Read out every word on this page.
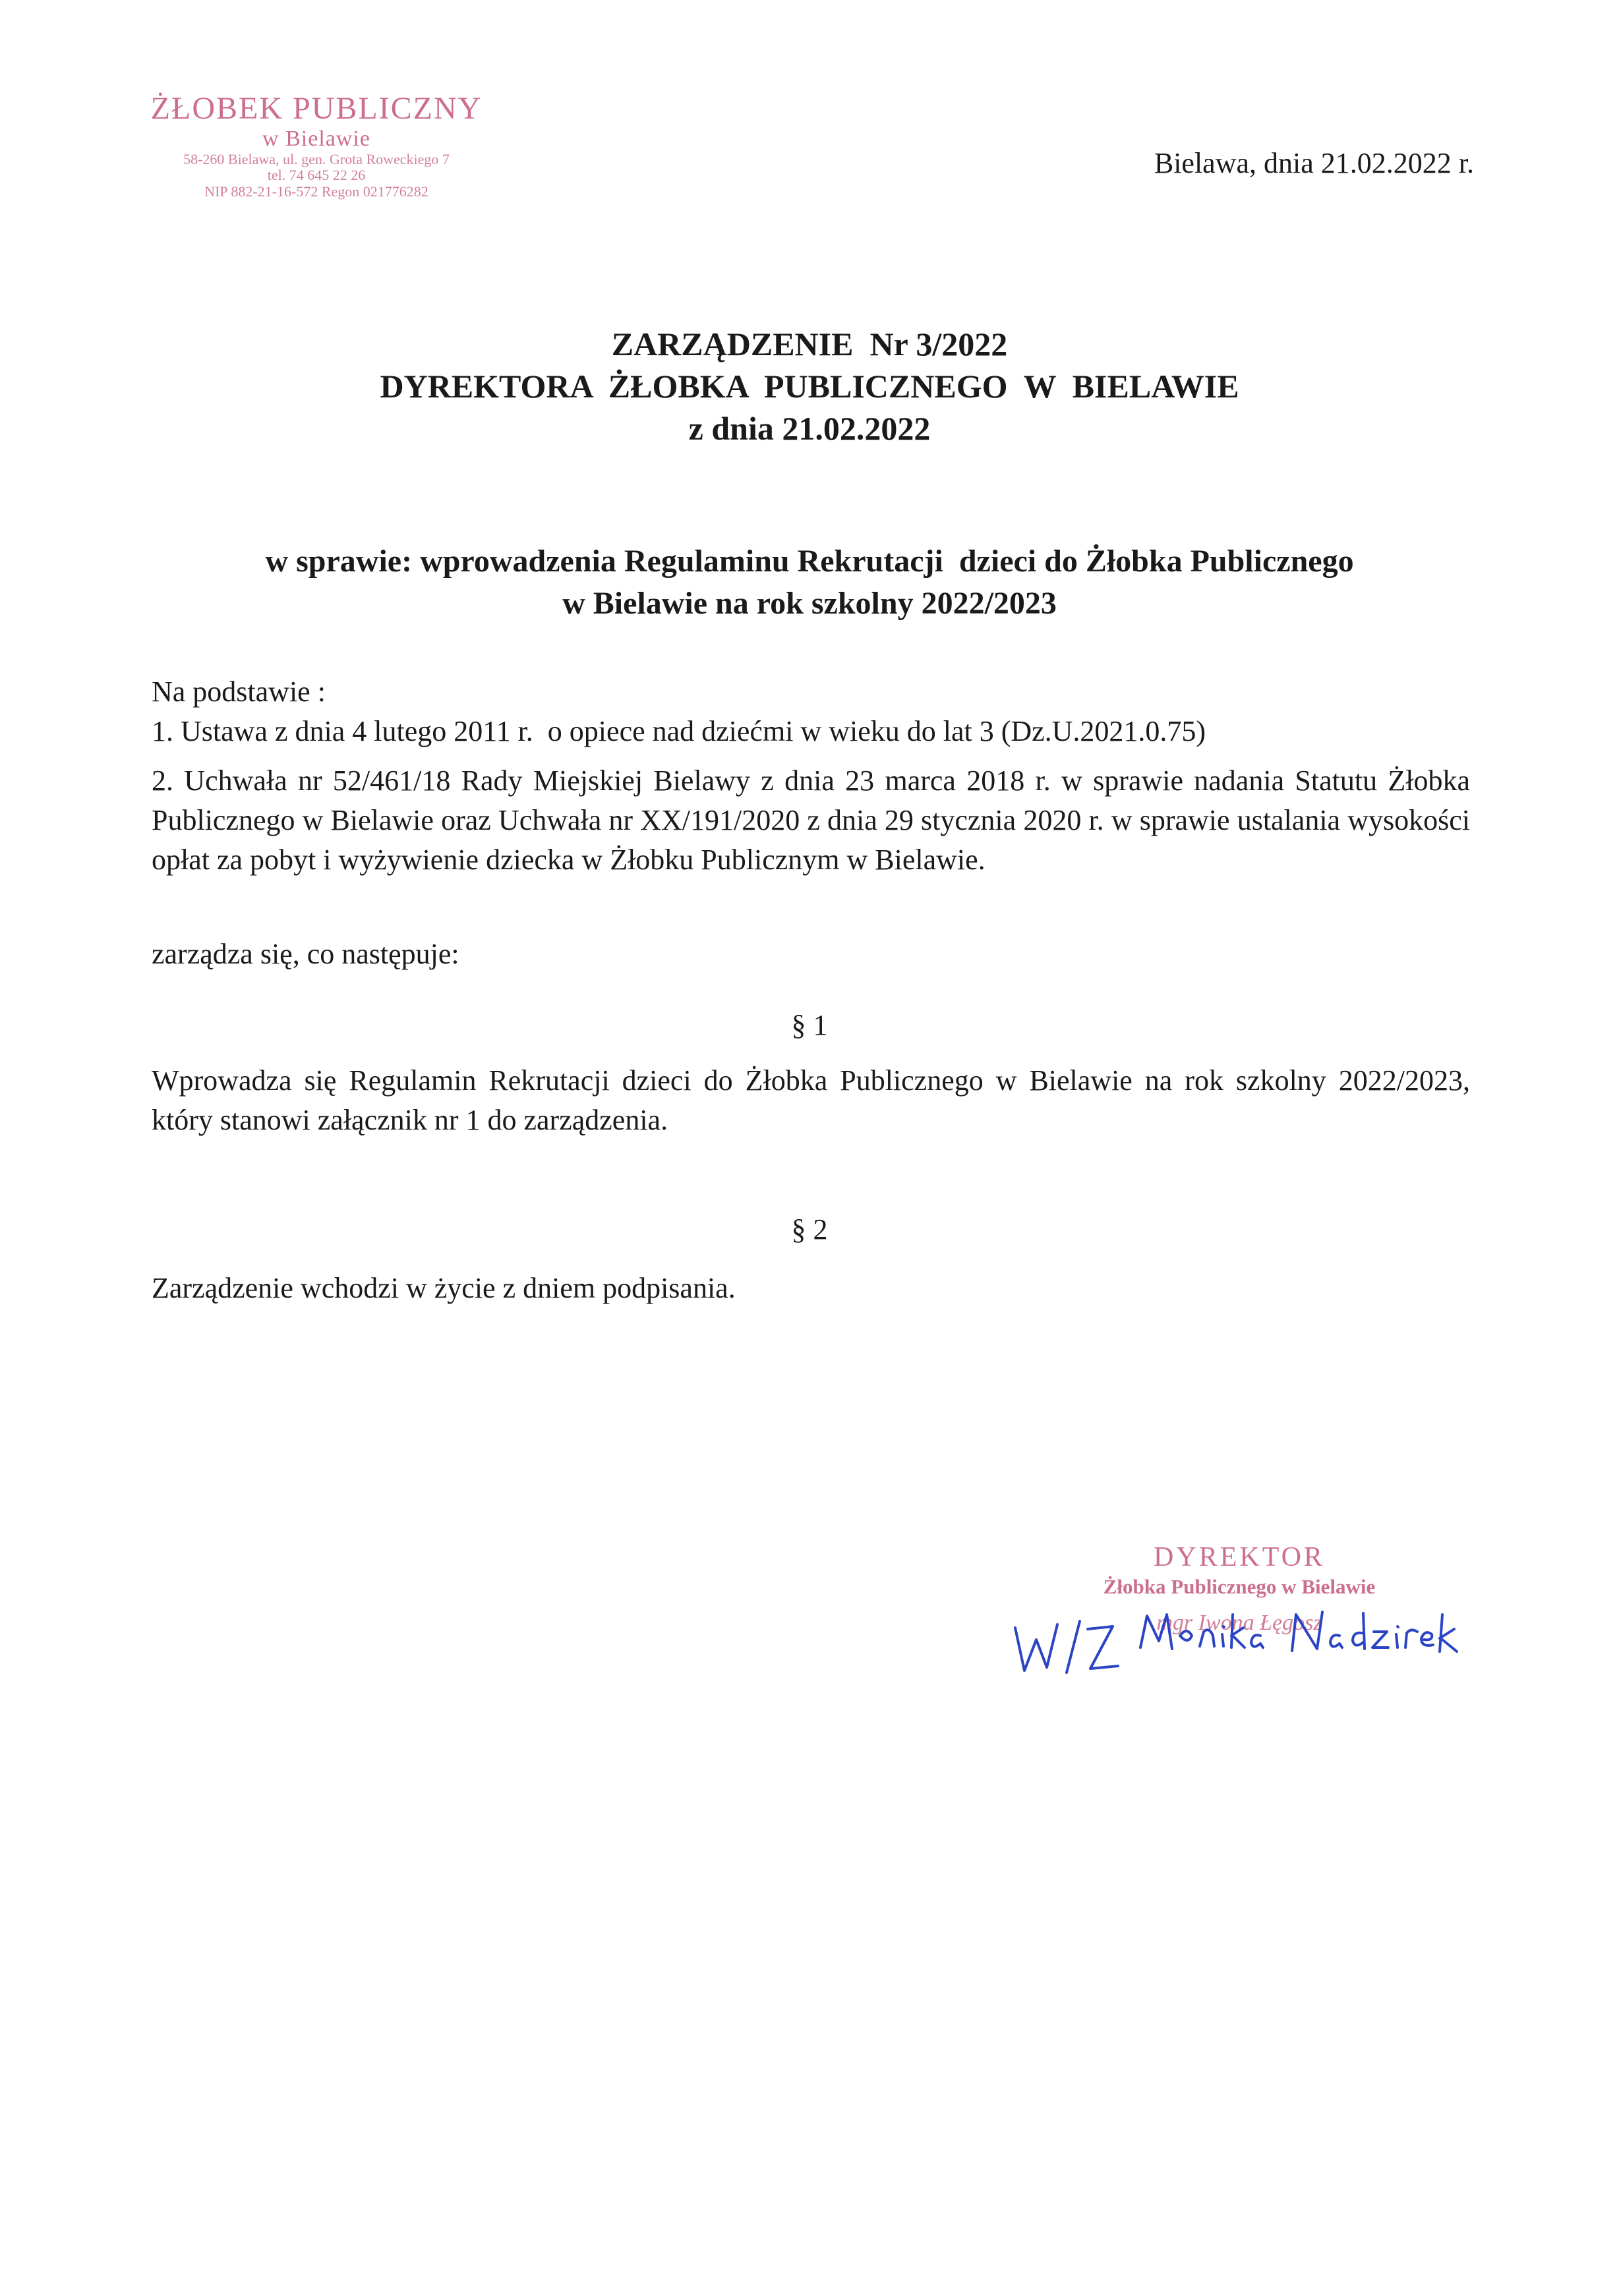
ŻŁOBEK PUBLICZNY
w Bielawie
58-260 Bielawa, ul. gen. Grota Roweckiego 7
tel. 74 645 22 26
NIP 882-21-16-572 Regon 021776282
Bielawa, dnia 21.02.2022 r.
ZARZĄDZENIE  Nr 3/2022
DYREKTORA  ŻŁOBKA  PUBLICZNEGO  W  BIELAWIE
z dnia 21.02.2022
w sprawie: wprowadzenia Regulaminu Rekrutacji  dzieci do Żłobka Publicznego
w Bielawie na rok szkolny 2022/2023
Na podstawie :
1. Ustawa z dnia 4 lutego 2011 r.  o opiece nad dziećmi w wieku do lat 3 (Dz.U.2021.0.75)
2. Uchwała nr 52/461/18 Rady Miejskiej Bielawy z dnia 23 marca 2018 r. w sprawie nadania Statutu Żłobka Publicznego w Bielawie oraz Uchwała nr XX/191/2020 z dnia 29 stycznia 2020 r. w sprawie ustalania wysokości opłat za pobyt i wyżywienie dziecka w Żłobku Publicznym w Bielawie.
zarządza się, co następuje:
§ 1
Wprowadza się Regulamin Rekrutacji dzieci do Żłobka Publicznego w Bielawie na rok szkolny 2022/2023, który stanowi załącznik nr 1 do zarządzenia.
§ 2
Zarządzenie wchodzi w życie z dniem podpisania.
DYREKTOR
Żłobka Publicznego w Bielawie
mgr Iwona Łęgosz
